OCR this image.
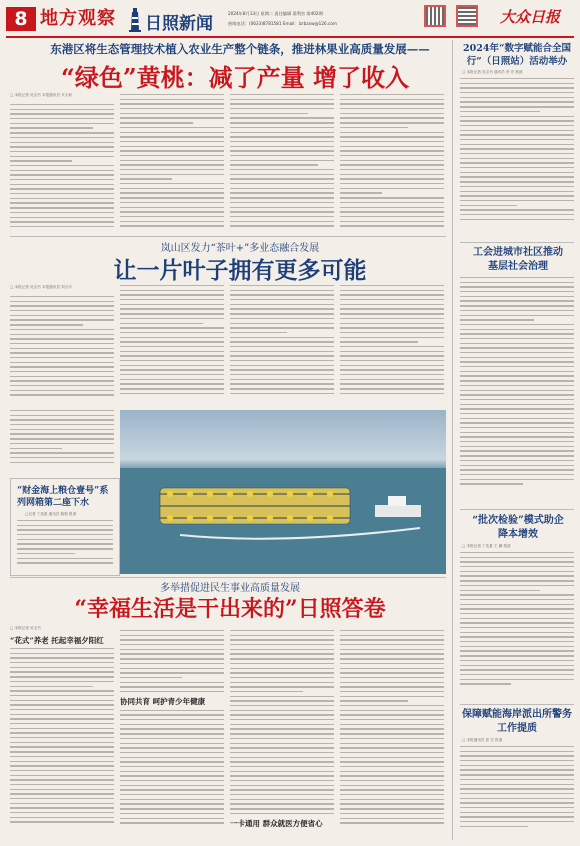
8 地方观察 日照新闻
2024年8月13日 星期二 责任编辑 梁利杰 第402期
热线电话：(0633)8781581 Email：lzrbzxw@126.com	大众日报
东港区将生态管理技术植入农业生产整个链条，推进林果业高质量发展——
“绿色”黄桃：减了产量 增了收入
□ 本报记者 吴宝书 本报通讯员 尹文莉
岚山区发力“茶叶+”多业态融合发展
让一片叶子拥有更多可能
□ 本报记者 吴宝书 本报通讯员 刘文可
“财金海上粮仓壹号”系列网箱第二座下水
□记者 丁兆夏 通讯员 陈强 报道
多举措促进民生事业高质量发展
“幸福生活是干出来的”日照答卷
□ 本报记者 吴宝书
“花式”养老 托起幸福夕阳红
协同共育 呵护青少年健康
一卡通用 群众就医方便省心
2024年“数字赋能合全国行”（日照站）活动举办
□ 本报记者 吴宝书 通讯员 李 宏 报道
工会进城市社区推动基层社会治理
“批次检验”模式助企降本增效
□ 本报记者 丁兆夏 王 鹏 报道
保障赋能海岸派出所警务工作提质
□ 本报通讯员 张 宏 报道
